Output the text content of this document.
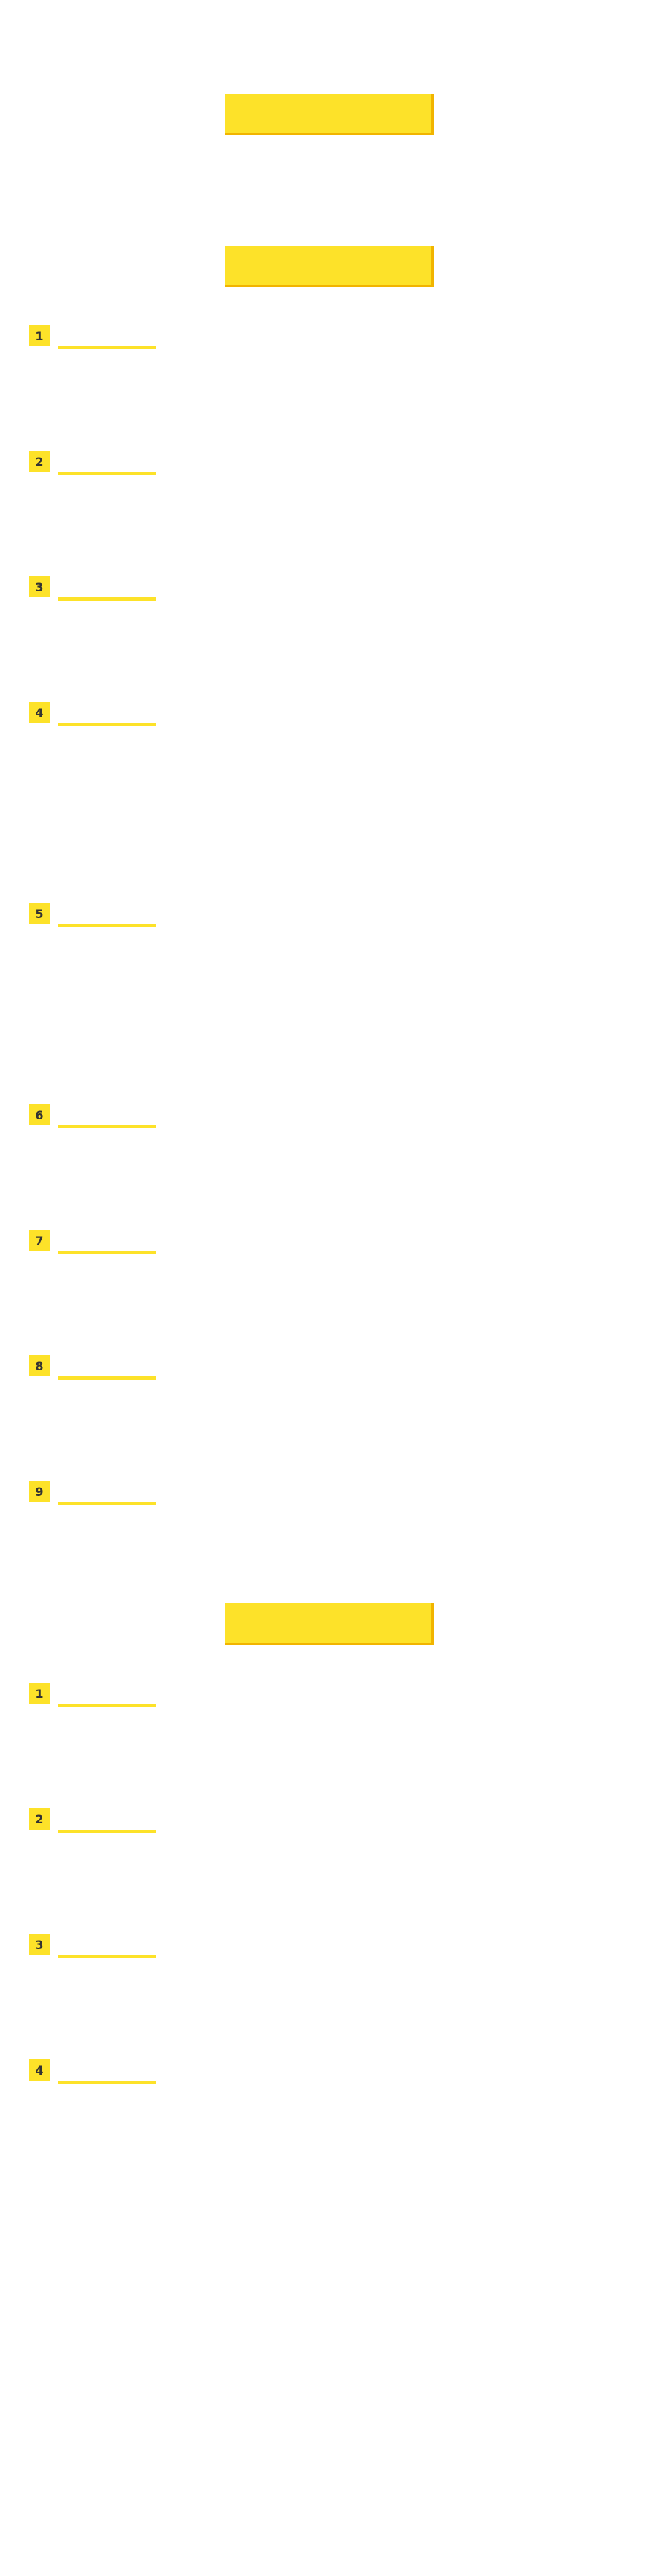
1

2

3

4

5

6

7

8

9

1

2

3

4
